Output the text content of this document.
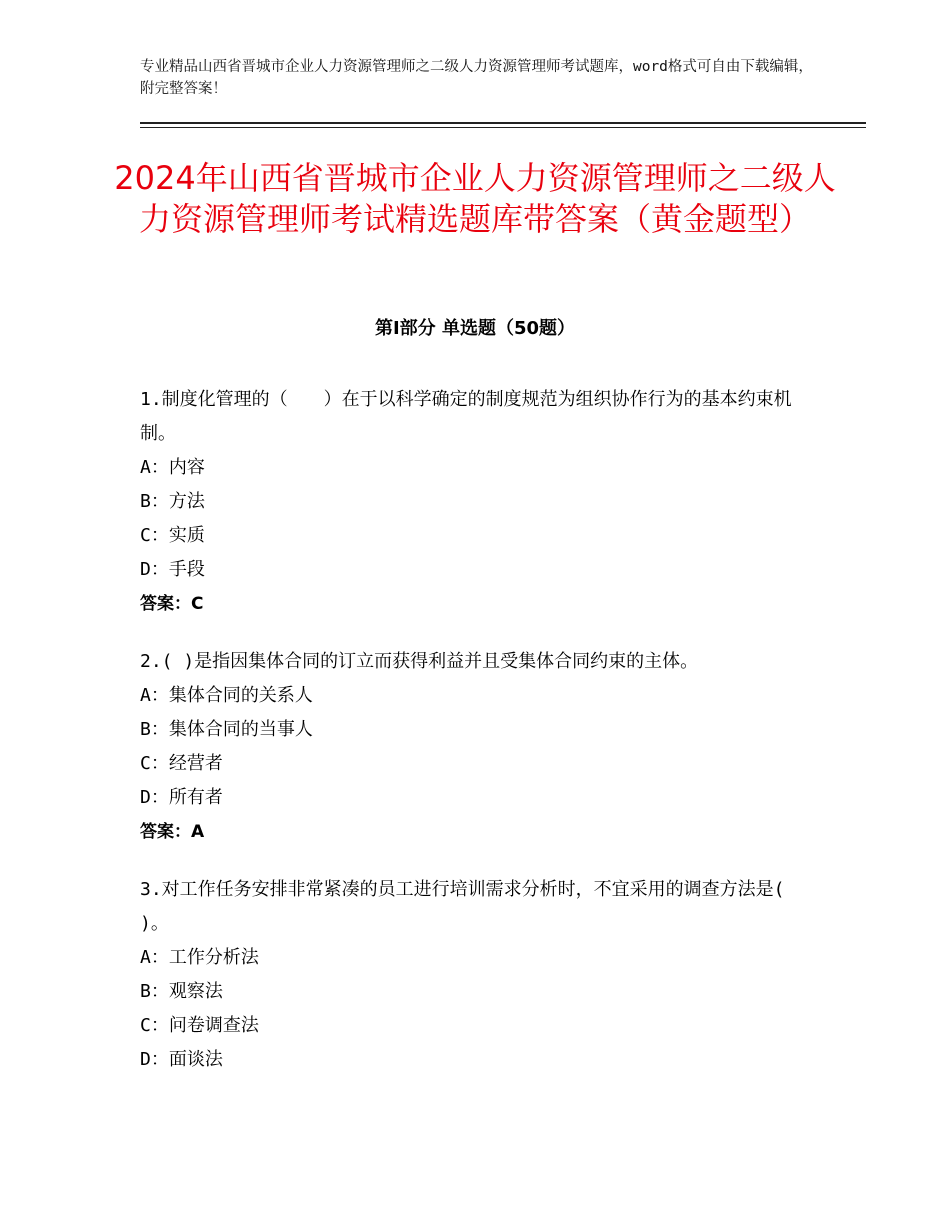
专业精品山西省晋城市企业人力资源管理师之二级人力资源管理师考试题库，word格式可自由下载编辑，附完整答案！
2024年山西省晋城市企业人力资源管理师之二级人力资源管理师考试精选题库带答案（黄金题型）
第Ⅰ部分 单选题（50题）

1.制度化管理的（　　）在于以科学确定的制度规范为组织协作行为的基本约束机制。

A：内容

B：方法

C：实质

D：手段

答案：C

2.( )是指因集体合同的订立而获得利益并且受集体合同约束的主体。

A：集体合同的关系人

B：集体合同的当事人

C：经营者

D：所有者

答案：A

3.对工作任务安排非常紧凑的员工进行培训需求分析时，不宜采用的调查方法是( )。

A：工作分析法

B：观察法

C：问卷调查法

D：面谈法
